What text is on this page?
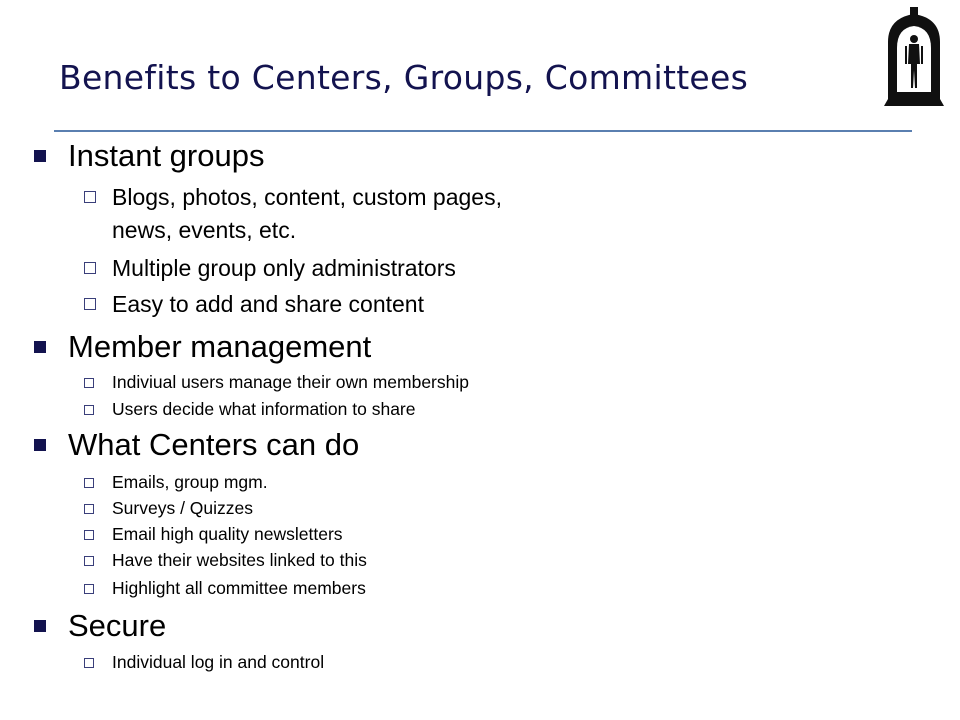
Benefits to Centers, Groups, Committees
Instant groups
Blogs, photos, content, custom pages,
news, events, etc.
Multiple group only administrators
Easy to add and share content
Member management
Indiviual users manage their own membership
Users decide what information to share
What Centers can do
Emails, group mgm.
Surveys / Quizzes
Email high quality newsletters
Have their websites linked to this
Highlight all committee members
Secure
Individual log in and control
